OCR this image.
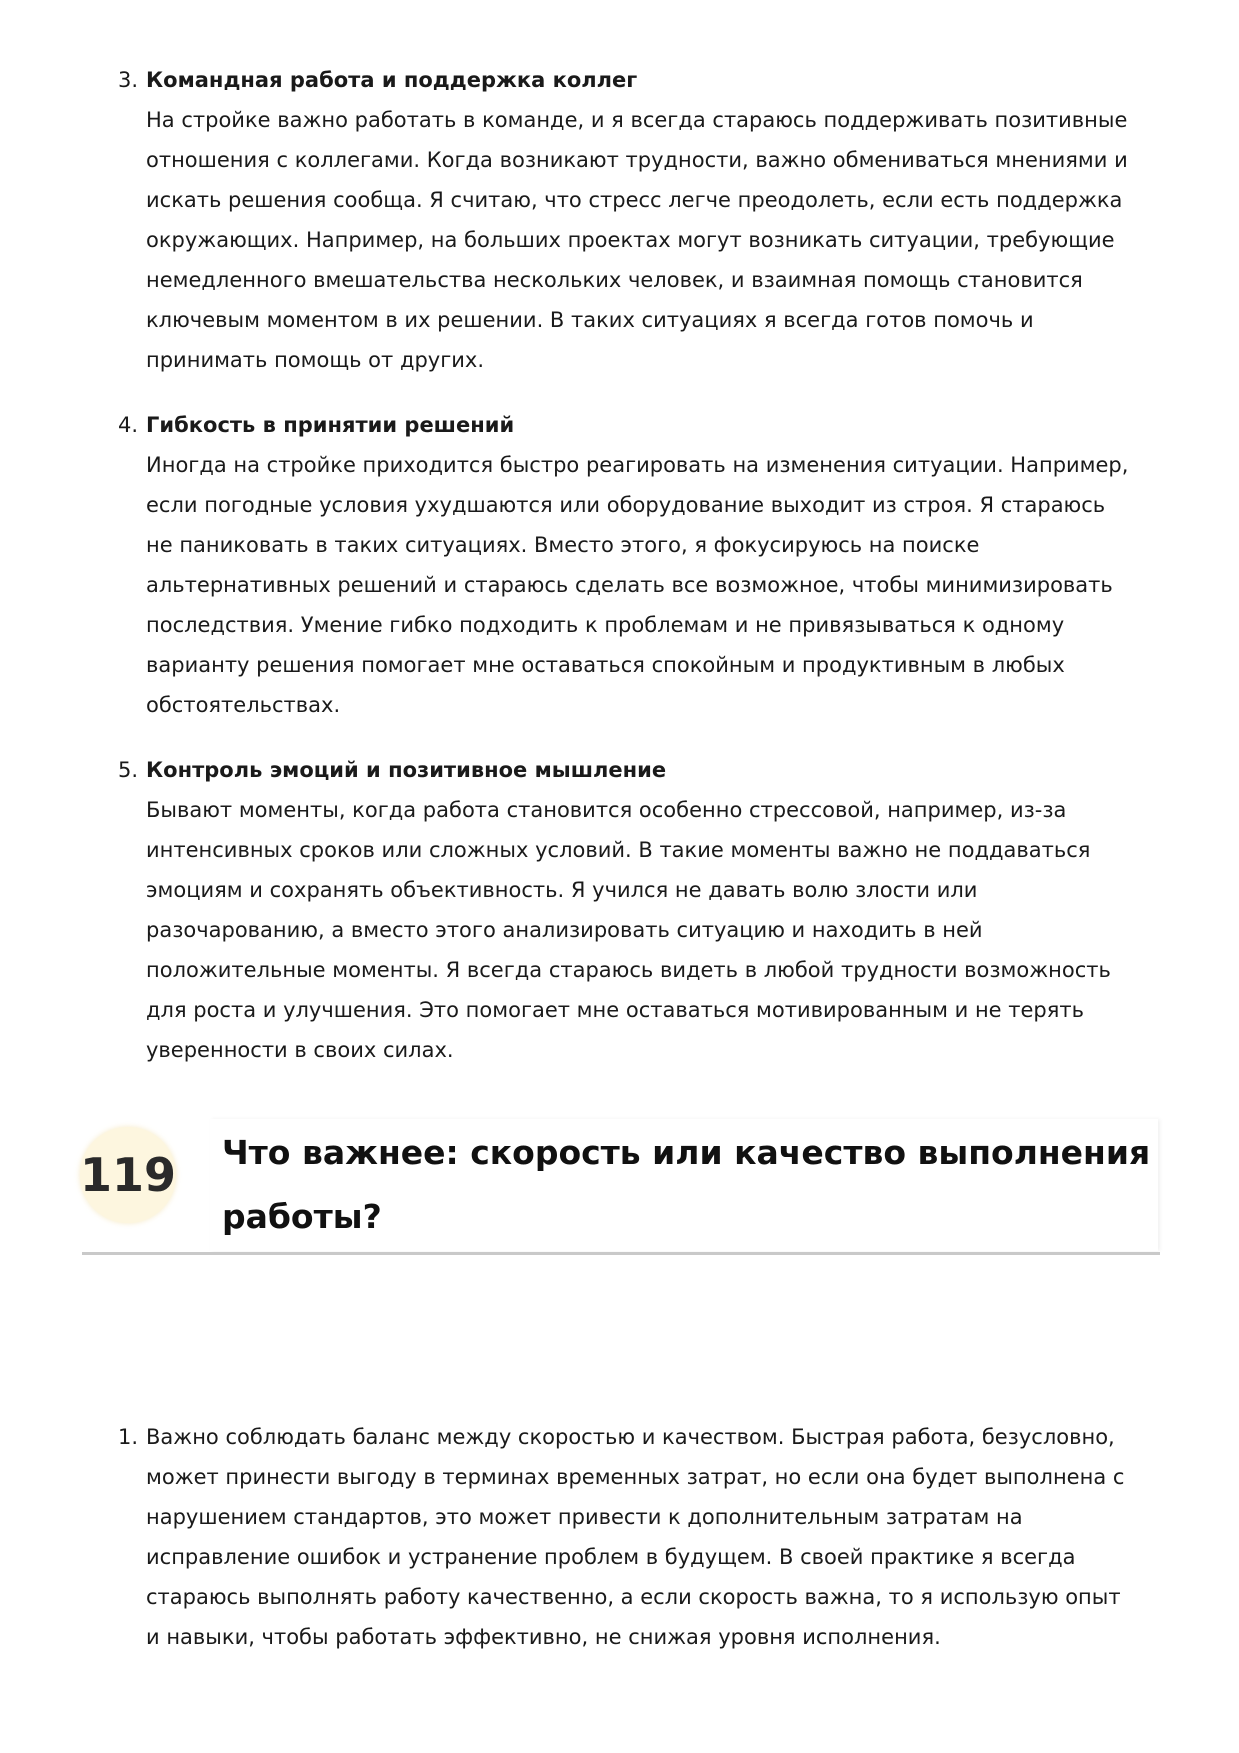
3. Командная работа и поддержка коллег
На стройке важно работать в команде, и я всегда стараюсь поддерживать позитивные
отношения с коллегами. Когда возникают трудности, важно обмениваться мнениями и
искать решения сообща. Я считаю, что стресс легче преодолеть, если есть поддержка
окружающих. Например, на больших проектах могут возникать ситуации, требующие
немедленного вмешательства нескольких человек, и взаимная помощь становится
ключевым моментом в их решении. В таких ситуациях я всегда готов помочь и
принимать помощь от других.
4. Гибкость в принятии решений
Иногда на стройке приходится быстро реагировать на изменения ситуации. Например,
если погодные условия ухудшаются или оборудование выходит из строя. Я стараюсь
не паниковать в таких ситуациях. Вместо этого, я фокусируюсь на поиске
альтернативных решений и стараюсь сделать все возможное, чтобы минимизировать
последствия. Умение гибко подходить к проблемам и не привязываться к одному
варианту решения помогает мне оставаться спокойным и продуктивным в любых
обстоятельствах.
5. Контроль эмоций и позитивное мышление
Бывают моменты, когда работа становится особенно стрессовой, например, из-за
интенсивных сроков или сложных условий. В такие моменты важно не поддаваться
эмоциям и сохранять объективность. Я учился не давать волю злости или
разочарованию, а вместо этого анализировать ситуацию и находить в ней
положительные моменты. Я всегда стараюсь видеть в любой трудности возможность
для роста и улучшения. Это помогает мне оставаться мотивированным и не терять
уверенности в своих силах.
119 Что важнее: скорость или качество выполнения
работы?
1. Важно соблюдать баланс между скоростью и качеством. Быстрая работа, безусловно,
может принести выгоду в терминах временных затрат, но если она будет выполнена с
нарушением стандартов, это может привести к дополнительным затратам на
исправление ошибок и устранение проблем в будущем. В своей практике я всегда
стараюсь выполнять работу качественно, а если скорость важна, то я использую опыт
и навыки, чтобы работать эффективно, не снижая уровня исполнения.
